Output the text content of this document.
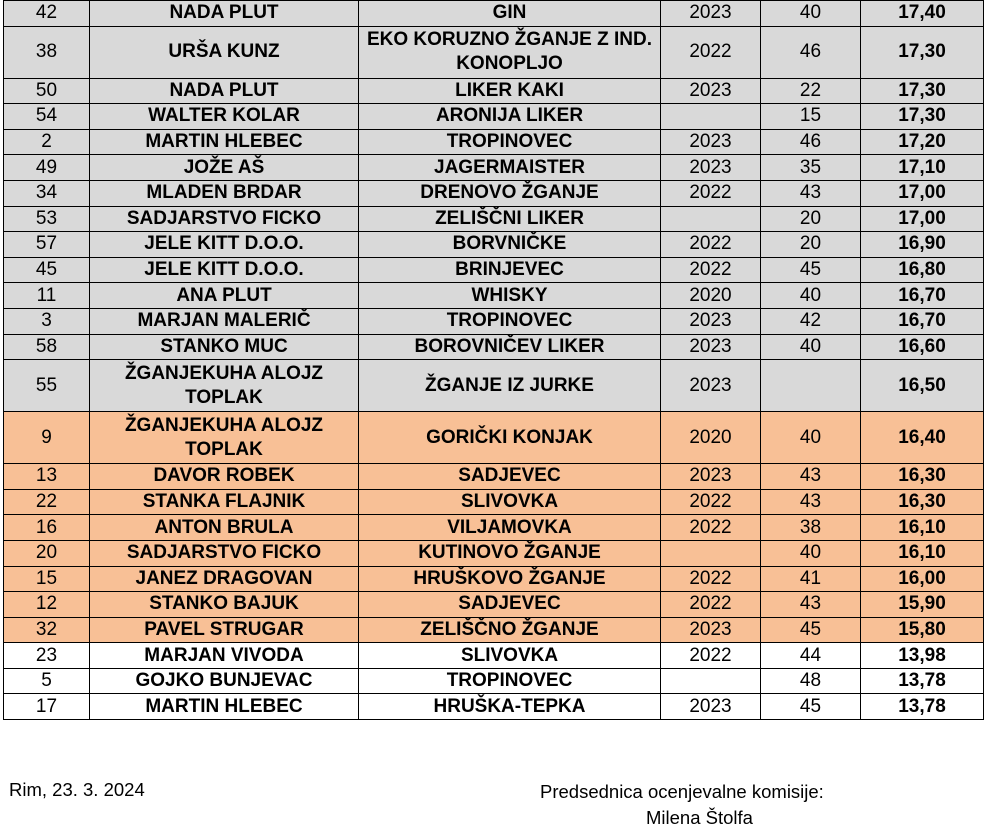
42	NADA PLUT	GIN	2023	40	17,40
38	URŠA KUNZ	EKO KORUZNO ŽGANJE Z IND. KONOPLJO	2022	46	17,30
50	NADA PLUT	LIKER KAKI	2023	22	17,30
54	WALTER KOLAR	ARONIJA LIKER		15	17,30
2	MARTIN HLEBEC	TROPINOVEC	2023	46	17,20
49	JOŽE AŠ	JAGERMAISTER	2023	35	17,10
34	MLADEN BRDAR	DRENOVO ŽGANJE	2022	43	17,00
53	SADJARSTVO FICKO	ZELIŠČNI LIKER		20	17,00
57	JELE KITT D.O.O.	BORVNIČKE	2022	20	16,90
45	JELE KITT D.O.O.	BRINJEVEC	2022	45	16,80
11	ANA PLUT	WHISKY	2020	40	16,70
3	MARJAN MALERIČ	TROPINOVEC	2023	42	16,70
58	STANKO MUC	BOROVNIČEV LIKER	2023	40	16,60
55	ŽGANJEKUHA ALOJZ TOPLAK	ŽGANJE IZ JURKE	2023		16,50
9	ŽGANJEKUHA ALOJZ TOPLAK	GORIČKI KONJAK	2020	40	16,40
13	DAVOR ROBEK	SADJEVEC	2023	43	16,30
22	STANKA FLAJNIK	SLIVOVKA	2022	43	16,30
16	ANTON BRULA	VILJAMOVKA	2022	38	16,10
20	SADJARSTVO FICKO	KUTINOVO ŽGANJE		40	16,10
15	JANEZ DRAGOVAN	HRUŠKOVO ŽGANJE	2022	41	16,00
12	STANKO BAJUK	SADJEVEC	2022	43	15,90
32	PAVEL STRUGAR	ZELIŠČNO ŽGANJE	2023	45	15,80
23	MARJAN VIVODA	SLIVOVKA	2022	44	13,98
5	GOJKO BUNJEVAC	TROPINOVEC		48	13,78
17	MARTIN HLEBEC	HRUŠKA-TEPKA	2023	45	13,78
Rim, 23. 3. 2024	Predsednica ocenjevalne komisije:
Milena Štolfa
